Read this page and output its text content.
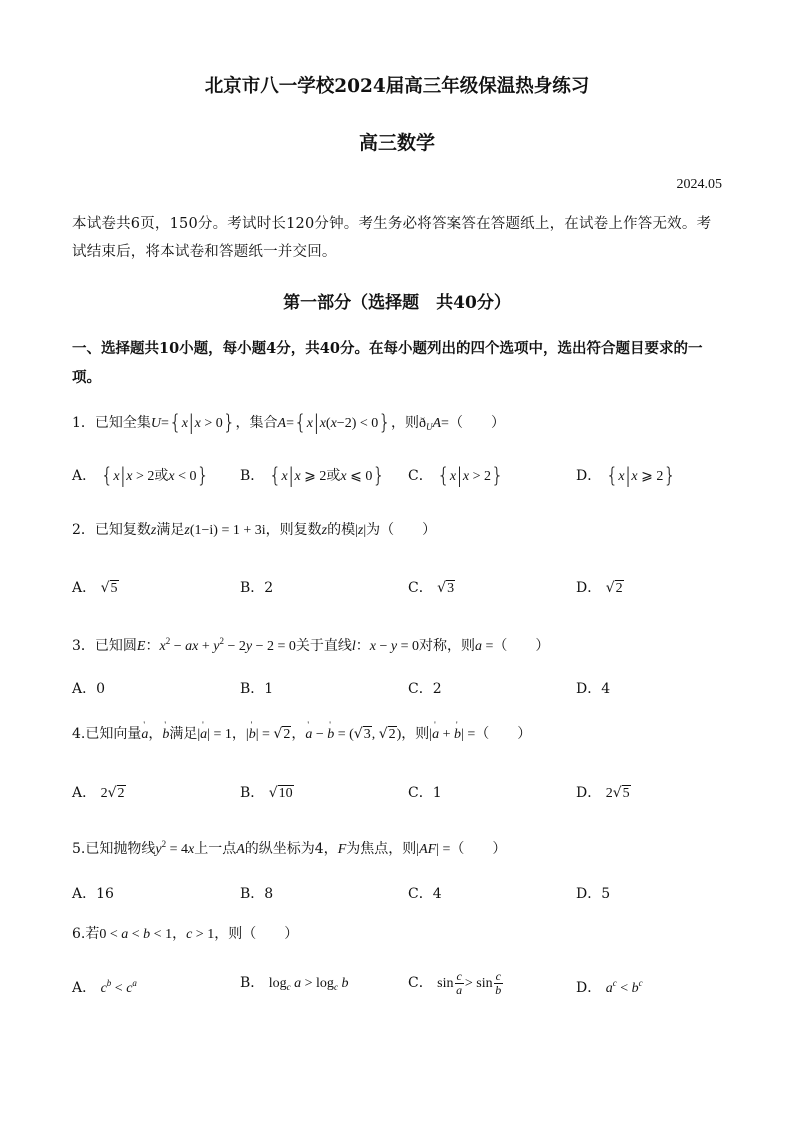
北京市八一学校2024届高三年级保温热身练习
高三数学
2024.05
本试卷共6页，150分。考试时长120分钟。考生务必将答案答在答题纸上，在试卷上作答无效。考试结束后，将本试卷和答题纸一并交回。
第一部分（选择题　共40分）
一、选择题共10小题，每小题4分，共40分。在每小题列出的四个选项中，选出符合题目要求的一项。
1．已知全集U={x|x > 0}，集合A={x|x(x−2) < 0}，则$ð_UA=$（　　）
A． {x|x > 2或x < 0} B． {x|x ⩾ 2或x ⩽ 0} C． {x|x > 2}	D． {x|x ⩾ 2}
2．已知复数z满足z(1−i) = 1 + 3i，则复数z的模|z|为（　　）
A． √5	B．2	C． √3	D． √2
3．已知圆E：$x^2$ − ax + $y^2 - 2y - 2 = 0$关于直线l：x − y = 0对称，则a =（　　）
A．0	B．1	C．2	D．4
4.已知向量' a，' b满足|' a| = 1，|' b| = √2，' a − ' b = (√3, √2)，则|' a + ' b| =（　　）
A． 2√2	B． √10	C．1	D． 2√5
5.已知抛物线$y^2 = 4x$上一点A的纵坐标为4，F为焦点，则|AF| =（　　）
A．16	B．8	C．4	D．5
6.若0 < a < b < 1，c > 1，则（　　）
A． $c^b < c^a$	B． $\log_c a > \log_c b$	C． $\sin \frac{c}{a} > \sin \frac{c}{b}$	D． $a^c < b^c$
